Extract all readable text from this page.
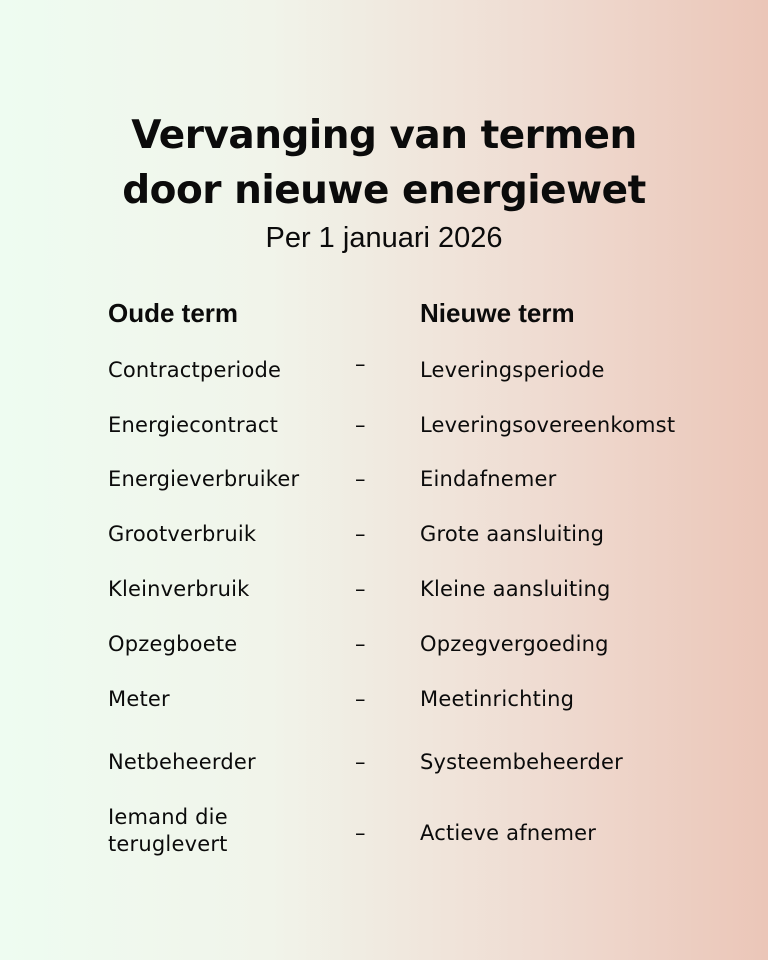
Vervanging van termen
door nieuwe energiewet
Per 1 januari 2026
Oude term	Nieuwe term
Contractperiode	–	Leveringsperiode
Energiecontract	–	Leveringsovereenkomst
Energieverbruiker	–	Eindafnemer
Grootverbruik	–	Grote aansluiting
Kleinverbruik	–	Kleine aansluiting
Opzegboete	–	Opzegvergoeding
Meter	–	Meetinrichting
Netbeheerder	–	Systeembeheerder
Iemand die teruglevert	–	Actieve afnemer
